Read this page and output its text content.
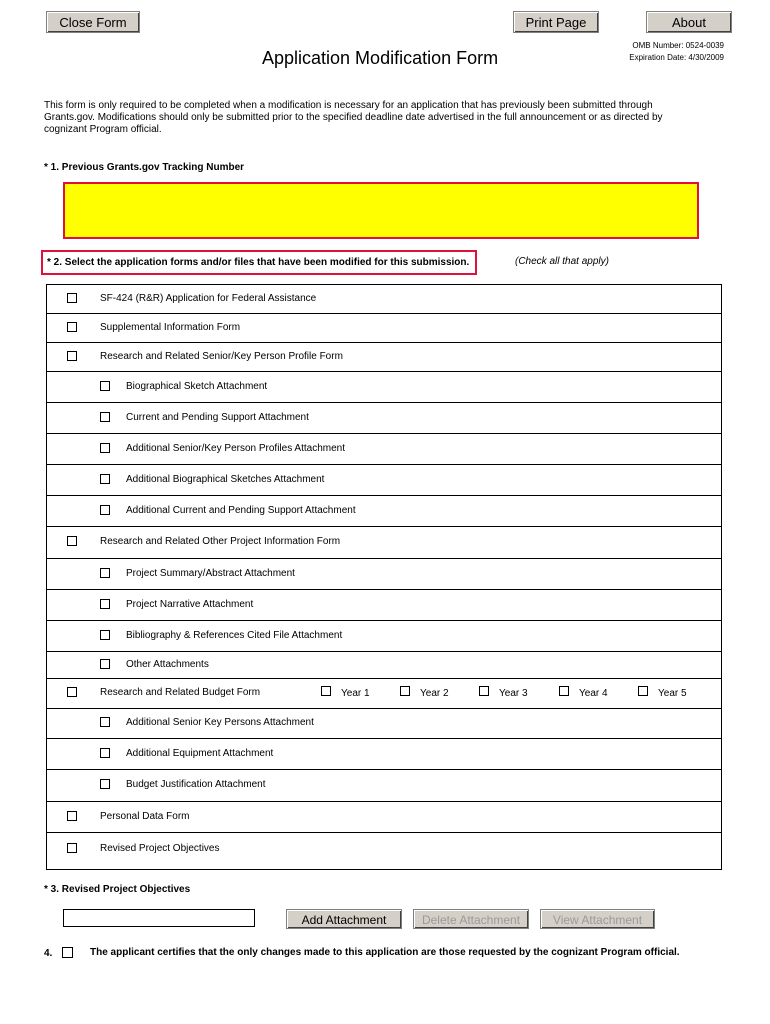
Close Form	Print Page	About
Application Modification Form
OMB Number: 0524-0039
Expiration Date: 4/30/2009
This form is only required to be completed when a modification is necessary for an application that has previously been submitted through Grants.gov. Modifications should only be submitted prior to the specified deadline date advertised in the full announcement or as directed by cognizant Program official.
* 1. Previous Grants.gov Tracking Number
* 2. Select the application forms and/or files that have been modified for this submission.	(Check all that apply)
SF-424 (R&R) Application for Federal Assistance
Supplemental Information Form
Research and Related Senior/Key Person Profile Form
Biographical Sketch Attachment
Current and Pending Support Attachment
Additional Senior/Key Person Profiles Attachment
Additional Biographical Sketches Attachment
Additional Current and Pending Support Attachment
Research and Related Other Project Information Form
Project Summary/Abstract Attachment
Project Narrative Attachment
Bibliography & References Cited File Attachment
Other Attachments
Research and Related Budget Form	Year 1	Year 2	Year 3	Year 4	Year 5
Additional Senior Key Persons Attachment
Additional Equipment Attachment
Budget Justification Attachment
Personal Data Form
Revised Project Objectives
* 3. Revised Project Objectives
Add Attachment	Delete Attachment	View Attachment
4.	The applicant certifies that the only changes made to this application are those requested by the cognizant Program official.
